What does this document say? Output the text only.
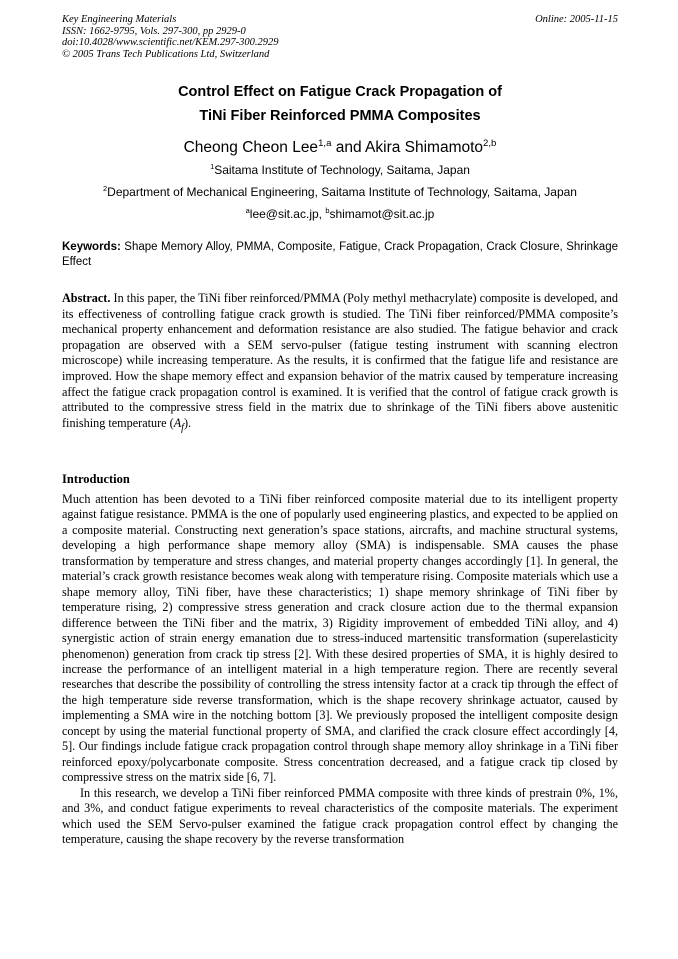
Key Engineering Materials
ISSN: 1662-9795, Vols. 297-300, pp 2929-0
doi:10.4028/www.scientific.net/KEM.297-300.2929
© 2005 Trans Tech Publications Ltd, Switzerland
Online: 2005-11-15
Control Effect on Fatigue Crack Propagation of
TiNi Fiber Reinforced PMMA Composites
Cheong Cheon Lee$^{1,a}$ and Akira Shimamoto$^{2,b}$
$^1$Saitama Institute of Technology, Saitama, Japan
$^2$Department of Mechanical Engineering, Saitama Institute of Technology, Saitama, Japan
$^a$lee@sit.ac.jp, $^b$shimamot@sit.ac.jp
Keywords: Shape Memory Alloy, PMMA, Composite, Fatigue, Crack Propagation, Crack Closure, Shrinkage Effect
Abstract. In this paper, the TiNi fiber reinforced/PMMA (Poly methyl methacrylate) composite is developed, and its effectiveness of controlling fatigue crack growth is studied. The TiNi fiber reinforced/PMMA composite’s mechanical property enhancement and deformation resistance are also studied. The fatigue behavior and crack propagation are observed with a SEM servo-pulser (fatigue testing instrument with scanning electron microscope) while increasing temperature. As the results, it is confirmed that the fatigue life and resistance are improved. How the shape memory effect and expansion behavior of the matrix caused by temperature increasing affect the fatigue crack propagation control is examined. It is verified that the control of fatigue crack growth is attributed to the compressive stress field in the matrix due to shrinkage of the TiNi fibers above austenitic finishing temperature $(A_f)$.
Introduction

Much attention has been devoted to a TiNi fiber reinforced composite material due to its intelligent property against fatigue resistance. PMMA is the one of popularly used engineering plastics, and expected to be applied on a composite material. Constructing next generation’s space stations, aircrafts, and machine structural systems, developing a high performance shape memory alloy (SMA) is indispensable. SMA causes the phase transformation by temperature and stress changes, and material property changes accordingly [1]. In general, the material’s crack growth resistance becomes weak along with temperature rising. Composite materials which use a shape memory alloy, TiNi fiber, have these characteristics; 1) shape memory shrinkage of TiNi fiber by temperature rising, 2) compressive stress generation and crack closure action due to the thermal expansion difference between the TiNi fiber and the matrix, 3) Rigidity improvement of embedded TiNi alloy, and 4) synergistic action of strain energy emanation due to stress-induced martensitic transformation (superelasticity phenomenon) generation from crack tip stress [2]. With these desired properties of SMA, it is highly desired to increase the performance of an intelligent material in a high temperature region. There are recently several researches that describe the possibility of controlling the stress intensity factor at a crack tip through the effect of the high temperature side reverse transformation, which is the shape recovery shrinkage actuator, caused by implementing a SMA wire in the notching bottom [3]. We previously proposed the intelligent composite design concept by using the material functional property of SMA, and clarified the crack closure effect accordingly [4, 5]. Our findings include fatigue crack propagation control through shape memory alloy shrinkage in a TiNi fiber reinforced epoxy/polycarbonate composite. Stress concentration decreased, and a fatigue crack tip closed by compressive stress on the matrix side [6, 7].

In this research, we develop a TiNi fiber reinforced PMMA composite with three kinds of prestrain 0%, 1%, and 3%, and conduct fatigue experiments to reveal characteristics of the composite materials. The experiment which used the SEM Servo-pulser examined the fatigue crack propagation control effect by changing the temperature, causing the shape recovery by the reverse transformation
